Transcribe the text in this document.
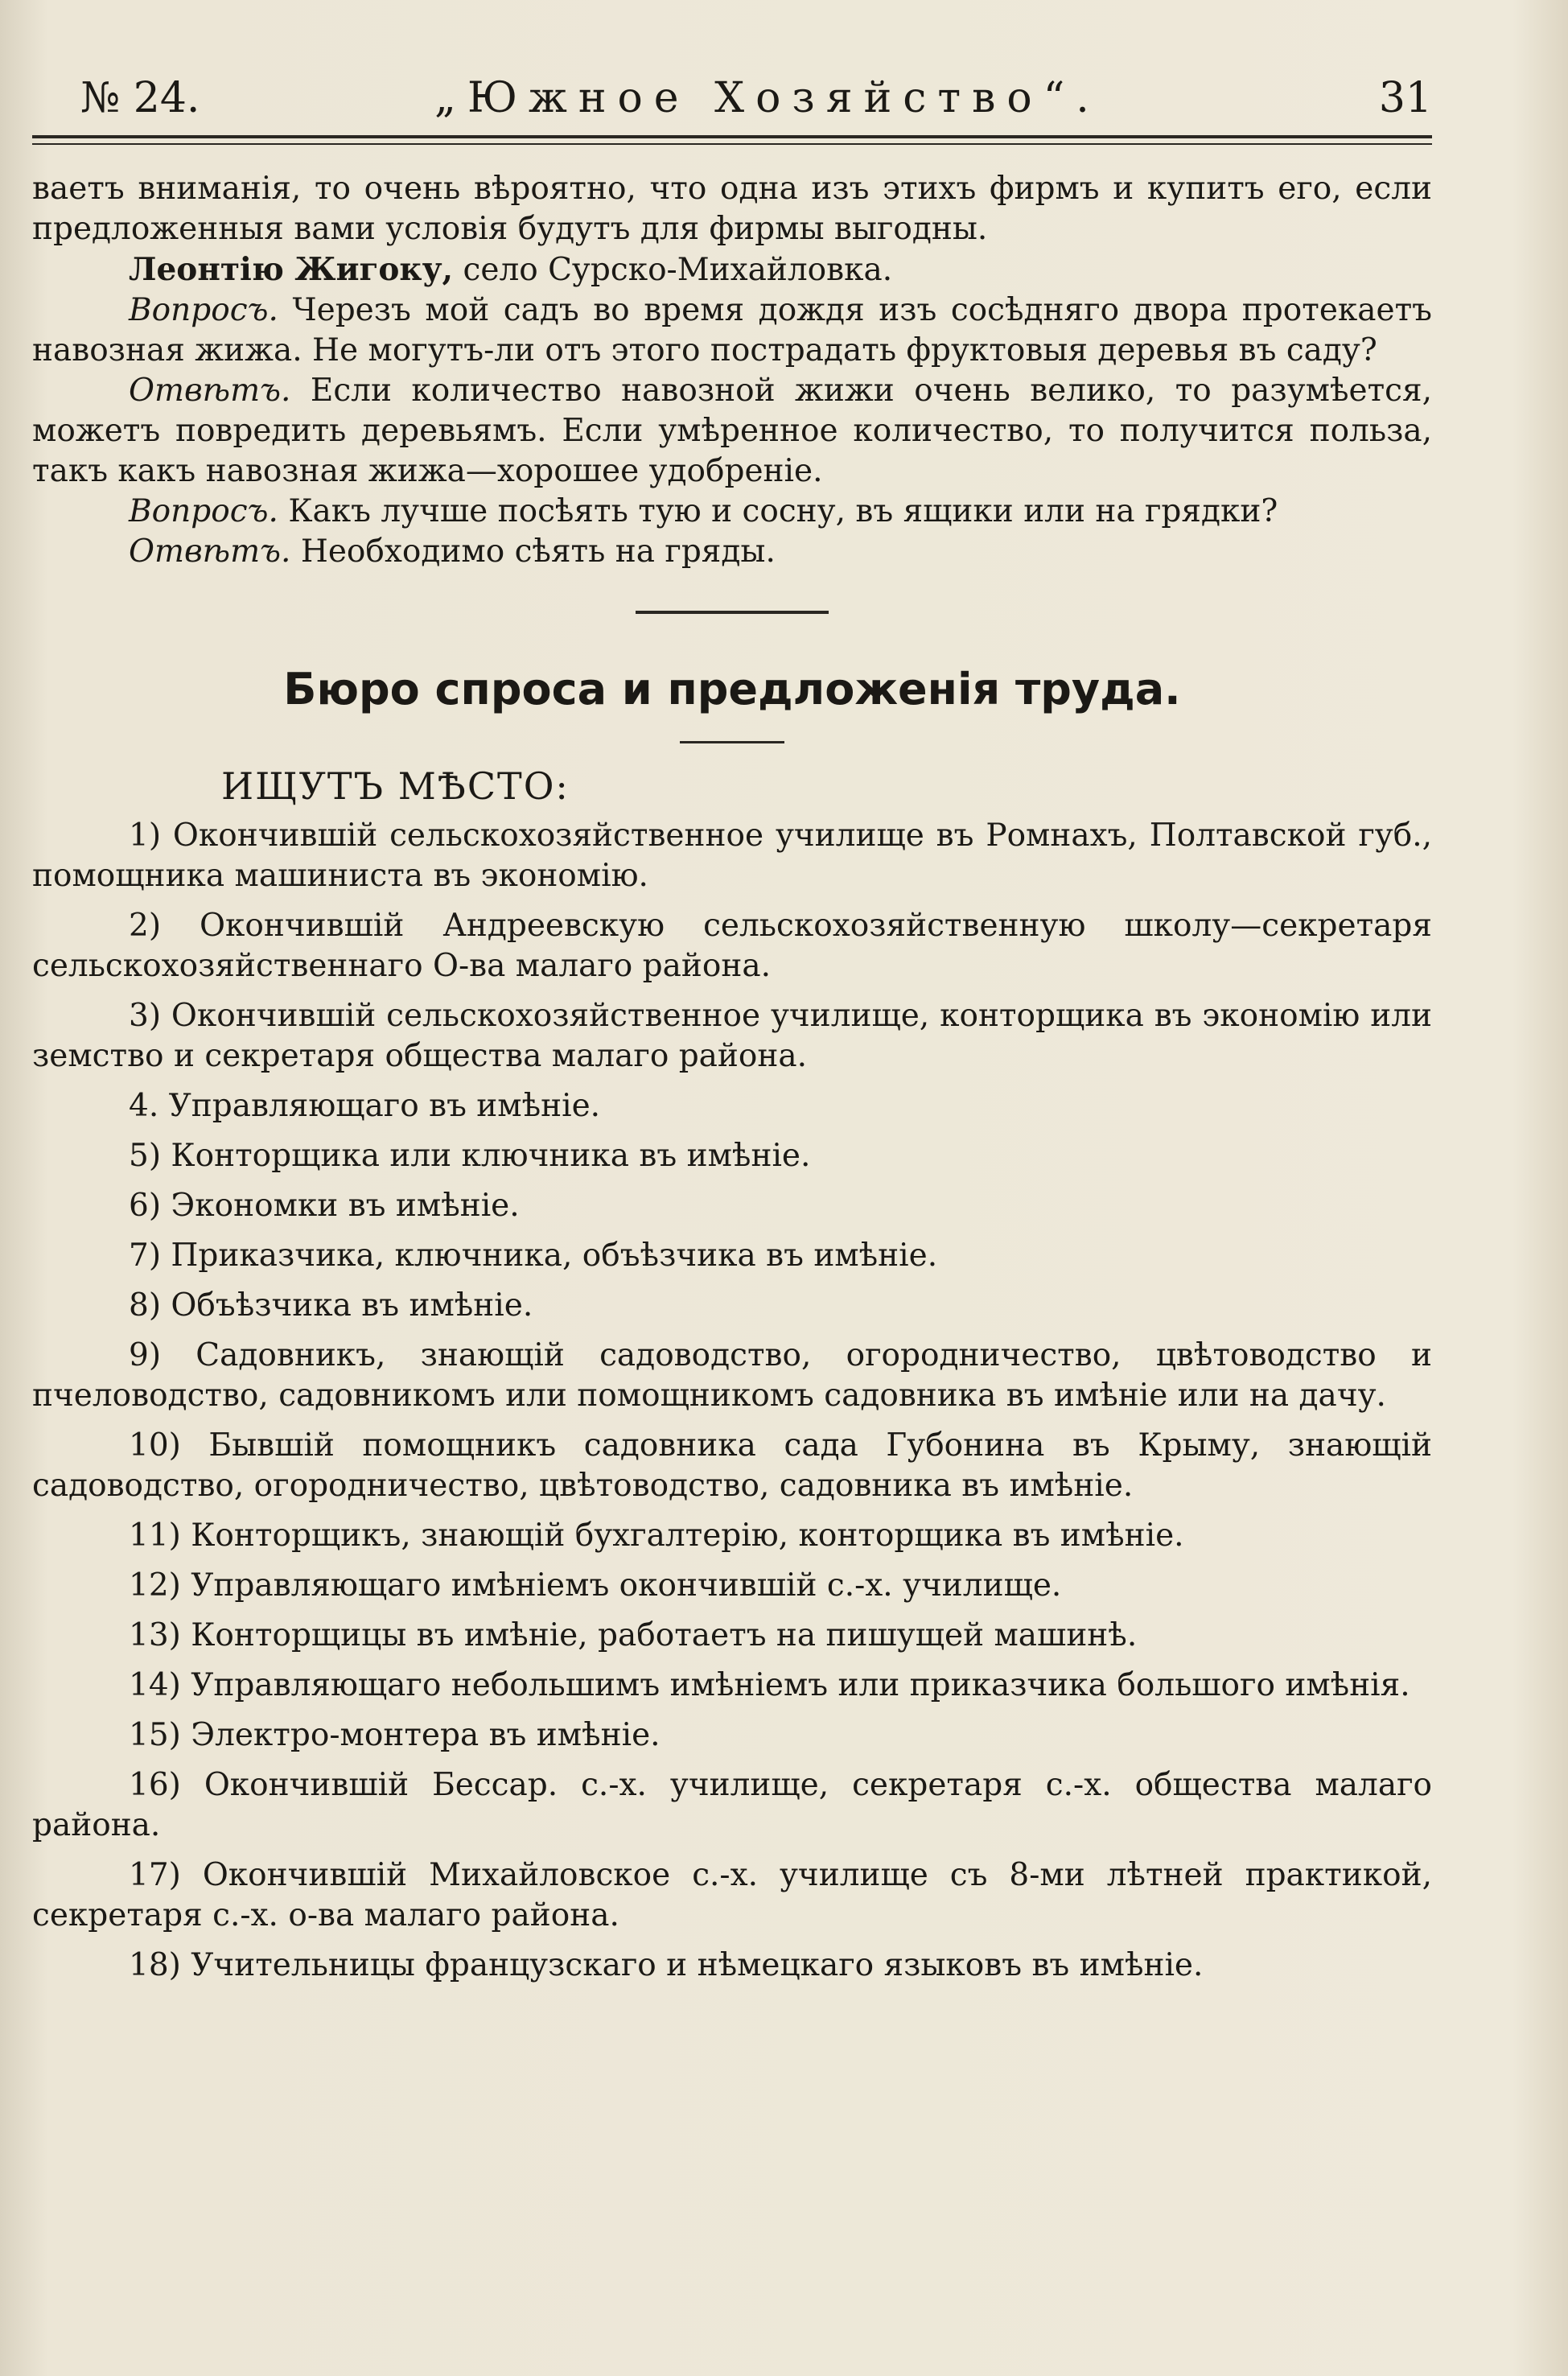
№ 24.	„Южное Хозяйство“.	31

ваетъ вниманія, то очень вѣроятно, что одна изъ этихъ фирмъ и купитъ его, если предложенныя вами условія будутъ для фирмы выгодны.

Леонтію Жигоку, село Сурско-Михайловка.

Вопросъ. Черезъ мой садъ во время дождя изъ сосѣдняго двора протекаетъ навозная жижа. Не могутъ-ли отъ этого пострадать фруктовыя деревья въ саду?

Отвѣтъ. Если количество навозной жижи очень велико, то разумѣется, можетъ повредить деревьямъ. Если умѣренное количество, то получится польза, такъ какъ навозная жижа—хорошее удобреніе.

Вопросъ. Какъ лучше посѣять тую и сосну, въ ящики или на грядки?

Отвѣтъ. Необходимо сѣять на гряды.

Бюро спроса и предложенія труда.

ИЩУТЪ МѢСТО:

1) Окончившій сельскохозяйственное училище въ Ромнахъ, Полтавской губ., помощника машиниста въ экономію.

2) Окончившій Андреевскую сельскохозяйственную школу—секретаря сельскохозяйственнаго О-ва малаго района.

3) Окончившій сельскохозяйственное училище, конторщика въ экономію или земство и секретаря общества малаго района.

4. Управляющаго въ имѣніе.

5) Конторщика или ключника въ имѣніе.

6) Экономки въ имѣніе.

7) Приказчика, ключника, объѣзчика въ имѣніе.

8) Объѣзчика въ имѣніе.

9) Садовникъ, знающій садоводство, огородничество, цвѣтоводство и пчеловодство, садовникомъ или помощникомъ садовника въ имѣніе или на дачу.

10) Бывшій помощникъ садовника сада Губонина въ Крыму, знающій садоводство, огородничество, цвѣтоводство, садовника въ имѣніе.

11) Конторщикъ, знающій бухгалтерію, конторщика въ имѣніе.

12) Управляющаго имѣніемъ окончившій с.-х. училище.

13) Конторщицы въ имѣніе, работаетъ на пишущей машинѣ.

14) Управляющаго небольшимъ имѣніемъ или приказчика большого имѣнія.

15) Электро-монтера въ имѣніе.

16) Окончившій Бессар. с.-х. училище, секретаря с.-х. общества малаго района.

17) Окончившій Михайловское с.-х. училище съ 8-ми лѣтней практикой, секретаря с.-х. о-ва малаго района.

18) Учительницы французскаго и нѣмецкаго языковъ въ имѣніе.
